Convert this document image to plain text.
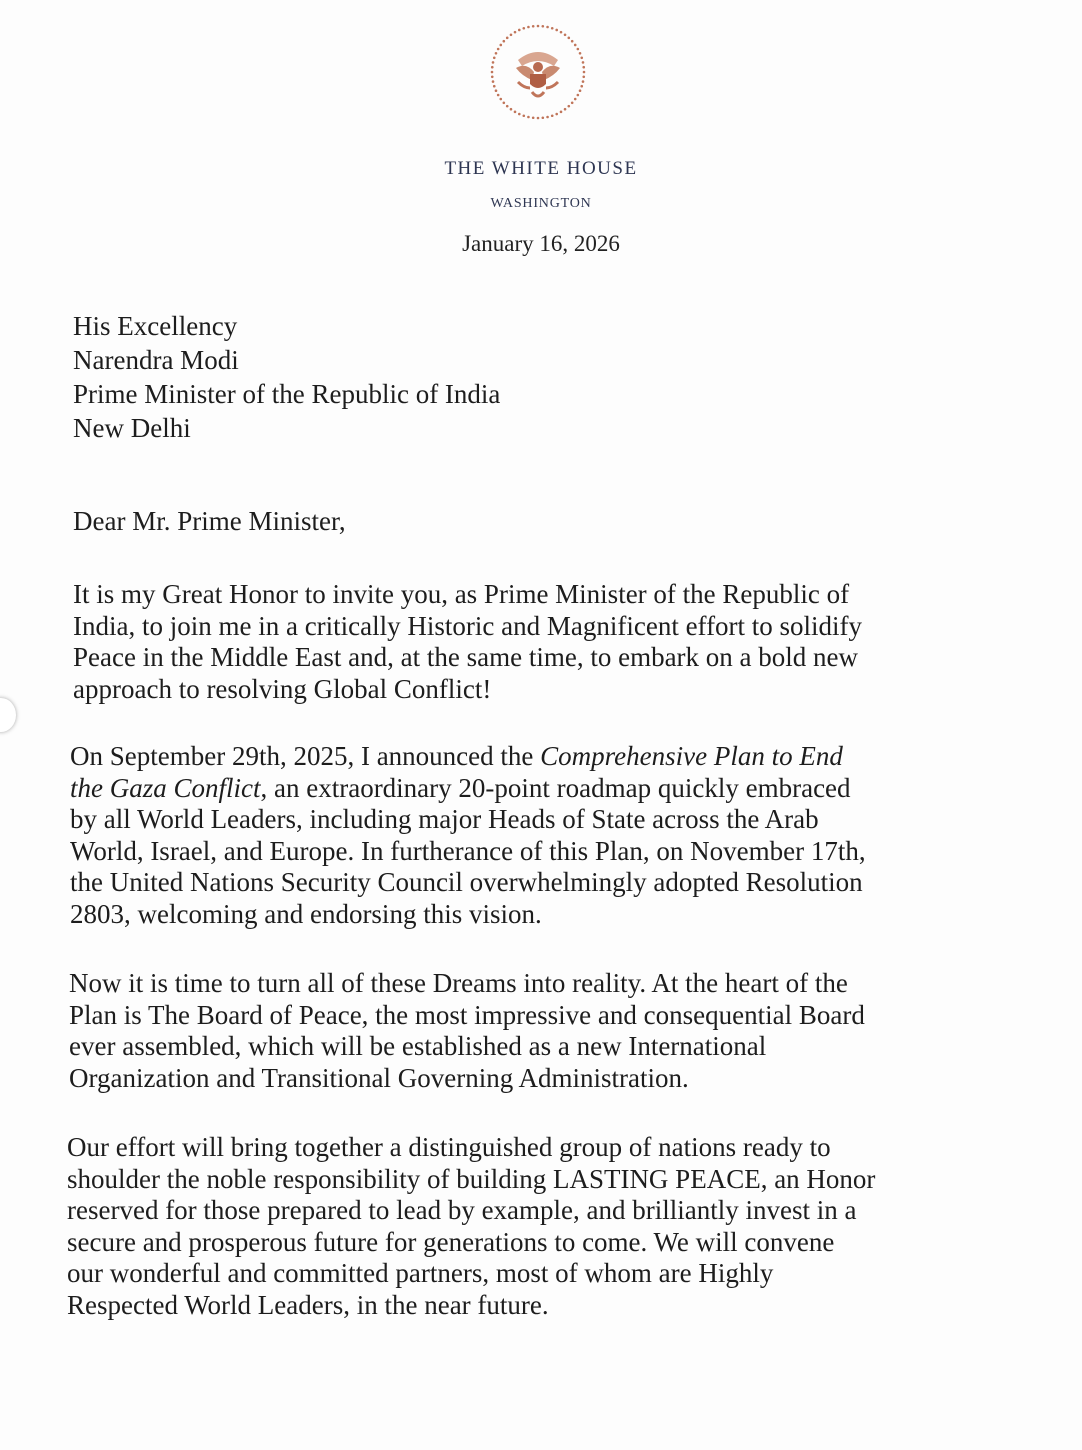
THE WHITE HOUSE
WASHINGTON
January 16, 2026
His Excellency
Narendra Modi
Prime Minister of the Republic of India
New Delhi
Dear Mr. Prime Minister,
It is my Great Honor to invite you, as Prime Minister of the Republic of
India, to join me in a critically Historic and Magnificent effort to solidify
Peace in the Middle East and, at the same time, to embark on a bold new
approach to resolving Global Conflict!
On September 29th, 2025, I announced the Comprehensive Plan to End
the Gaza Conflict, an extraordinary 20-point roadmap quickly embraced
by all World Leaders, including major Heads of State across the Arab
World, Israel, and Europe. In furtherance of this Plan, on November 17th,
the United Nations Security Council overwhelmingly adopted Resolution
2803, welcoming and endorsing this vision.
Now it is time to turn all of these Dreams into reality. At the heart of the
Plan is The Board of Peace, the most impressive and consequential Board
ever assembled, which will be established as a new International
Organization and Transitional Governing Administration.
Our effort will bring together a distinguished group of nations ready to
shoulder the noble responsibility of building LASTING PEACE, an Honor
reserved for those prepared to lead by example, and brilliantly invest in a
secure and prosperous future for generations to come. We will convene
our wonderful and committed partners, most of whom are Highly
Respected World Leaders, in the near future.
